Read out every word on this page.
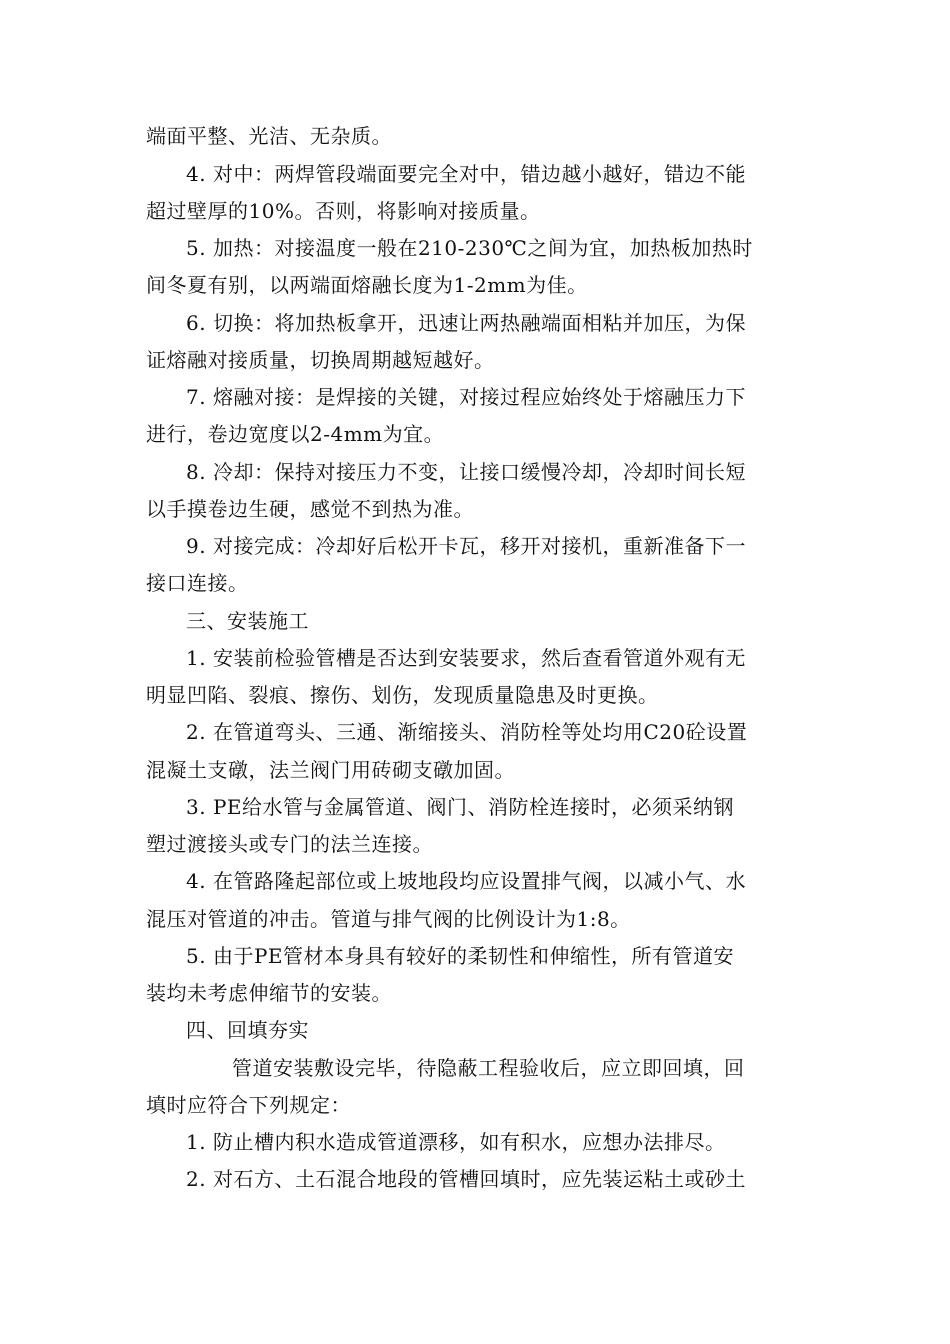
端面平整、光洁、无杂质。
4. 对中：两焊管段端面要完全对中，错边越小越好，错边不能
超过壁厚的10%。否则，将影响对接质量。
5. 加热：对接温度一般在210-230℃之间为宜，加热板加热时
间冬夏有别，以两端面熔融长度为1-2mm为佳。
6. 切换：将加热板拿开，迅速让两热融端面相粘并加压，为保
证熔融对接质量，切换周期越短越好。
7. 熔融对接：是焊接的关键，对接过程应始终处于熔融压力下
进行，卷边宽度以2-4mm为宜。
8. 冷却：保持对接压力不变，让接口缓慢冷却，冷却时间长短
以手摸卷边生硬，感觉不到热为准。
9. 对接完成：冷却好后松开卡瓦，移开对接机，重新准备下一
接口连接。
三、安装施工
1. 安装前检验管槽是否达到安装要求，然后查看管道外观有无
明显凹陷、裂痕、擦伤、划伤，发现质量隐患及时更换。
2. 在管道弯头、三通、渐缩接头、消防栓等处均用C20砼设置
混凝土支礅，法兰阀门用砖砌支礅加固。
3. PE给水管与金属管道、阀门、消防栓连接时，必须采纳钢
塑过渡接头或专门的法兰连接。
4. 在管路隆起部位或上坡地段均应设置排气阀，以减小气、水
混压对管道的冲击。管道与排气阀的比例设计为1:8。
5. 由于PE管材本身具有较好的柔韧性和伸缩性，所有管道安
装均未考虑伸缩节的安装。
四、回填夯实
管道安装敷设完毕，待隐蔽工程验收后，应立即回填，回
填时应符合下列规定：
1. 防止槽内积水造成管道漂移，如有积水，应想办法排尽。
2. 对石方、土石混合地段的管槽回填时，应先装运粘土或砂土
